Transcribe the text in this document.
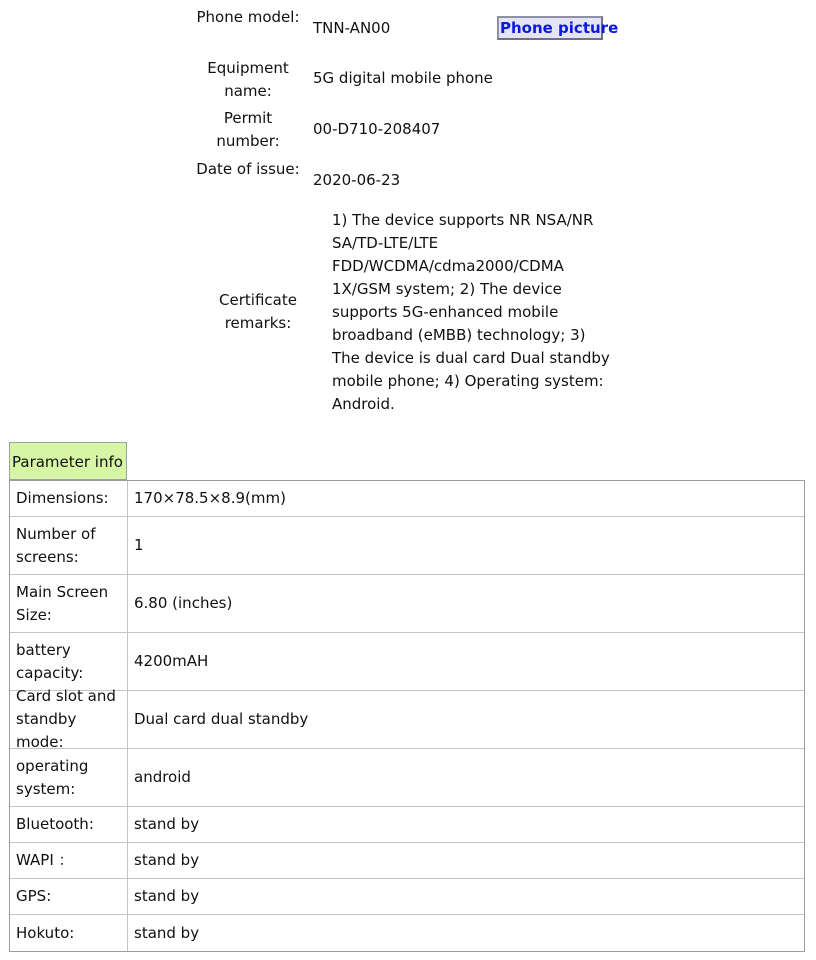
Phone model:
TNN-AN00	Phone picture
Equipment name:
5G digital mobile phone
Permit number:
00-D710-208407
Date of issue:
2020-06-23
Certificate remarks:
1) The device supports NR NSA/NR SA/TD-LTE/LTE FDD/WCDMA/cdma2000/CDMA 1X/GSM system; 2) The device supports 5G-enhanced mobile broadband (eMBB) technology; 3) The device is dual card Dual standby mobile phone; 4) Operating system: Android.
Parameter info
Dimensions:	170×78.5×8.9(mm)
Number of screens:
1
Main Screen Size:
6.80 (inches)
battery capacity:
4200mAH
Card slot and standby mode:
Dual card dual standby
operating system:
android
Bluetooth:	stand by
WAPI ：	stand by
GPS:	stand by
Hokuto:	stand by
